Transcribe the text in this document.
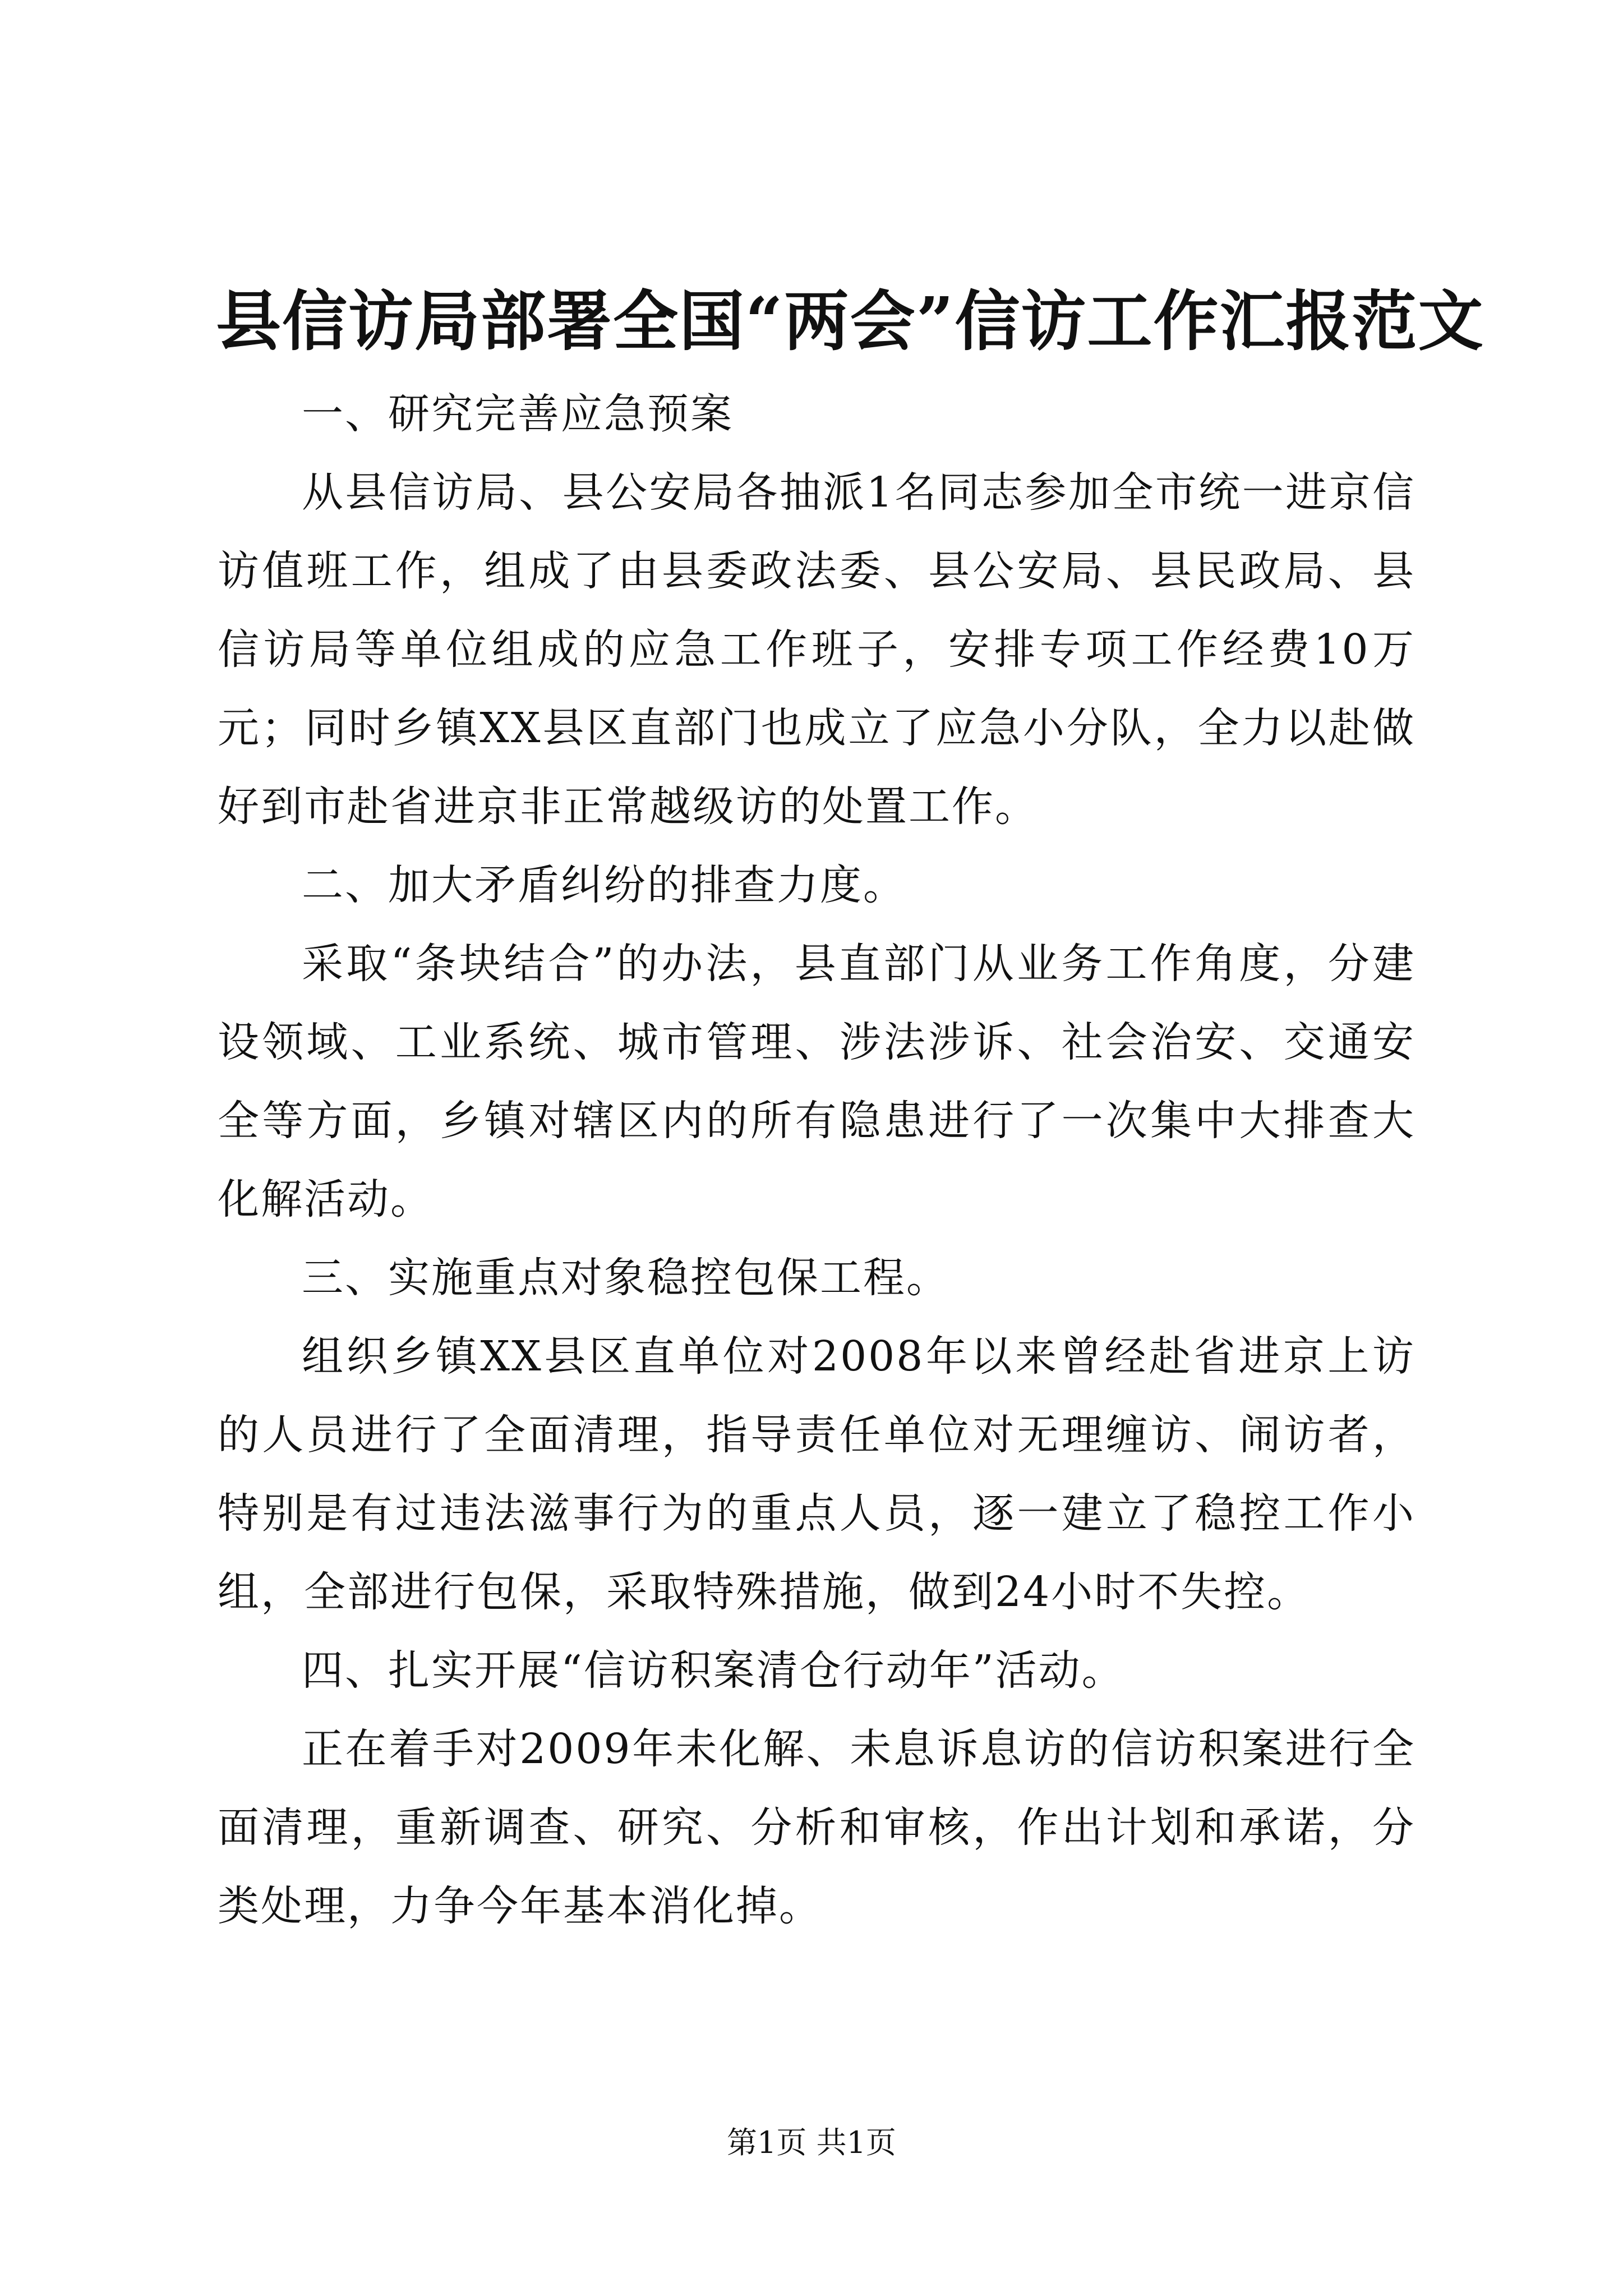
县信访局部署全国“两会”信访工作汇报范文

一、研究完善应急预案

从县信访局、县公安局各抽派1名同志参加全市统一进京信访值班工作，组成了由县委政法委、县公安局、县民政局、县信访局等单位组成的应急工作班子，安排专项工作经费10万元；同时乡镇XX县区直部门也成立了应急小分队，全力以赴做好到市赴省进京非正常越级访的处置工作。

二、加大矛盾纠纷的排查力度。

采取“条块结合”的办法，县直部门从业务工作角度，分建设领域、工业系统、城市管理、涉法涉诉、社会治安、交通安全等方面，乡镇对辖区内的所有隐患进行了一次集中大排查大化解活动。

三、实施重点对象稳控包保工程。

组织乡镇XX县区直单位对2008年以来曾经赴省进京上访的人员进行了全面清理，指导责任单位对无理缠访、闹访者，特别是有过违法滋事行为的重点人员，逐一建立了稳控工作小组，全部进行包保，采取特殊措施，做到24小时不失控。

四、扎实开展“信访积案清仓行动年”活动。

正在着手对2009年未化解、未息诉息访的信访积案进行全面清理，重新调查、研究、分析和审核，作出计划和承诺，分类处理，力争今年基本消化掉。

第1页 共1页
